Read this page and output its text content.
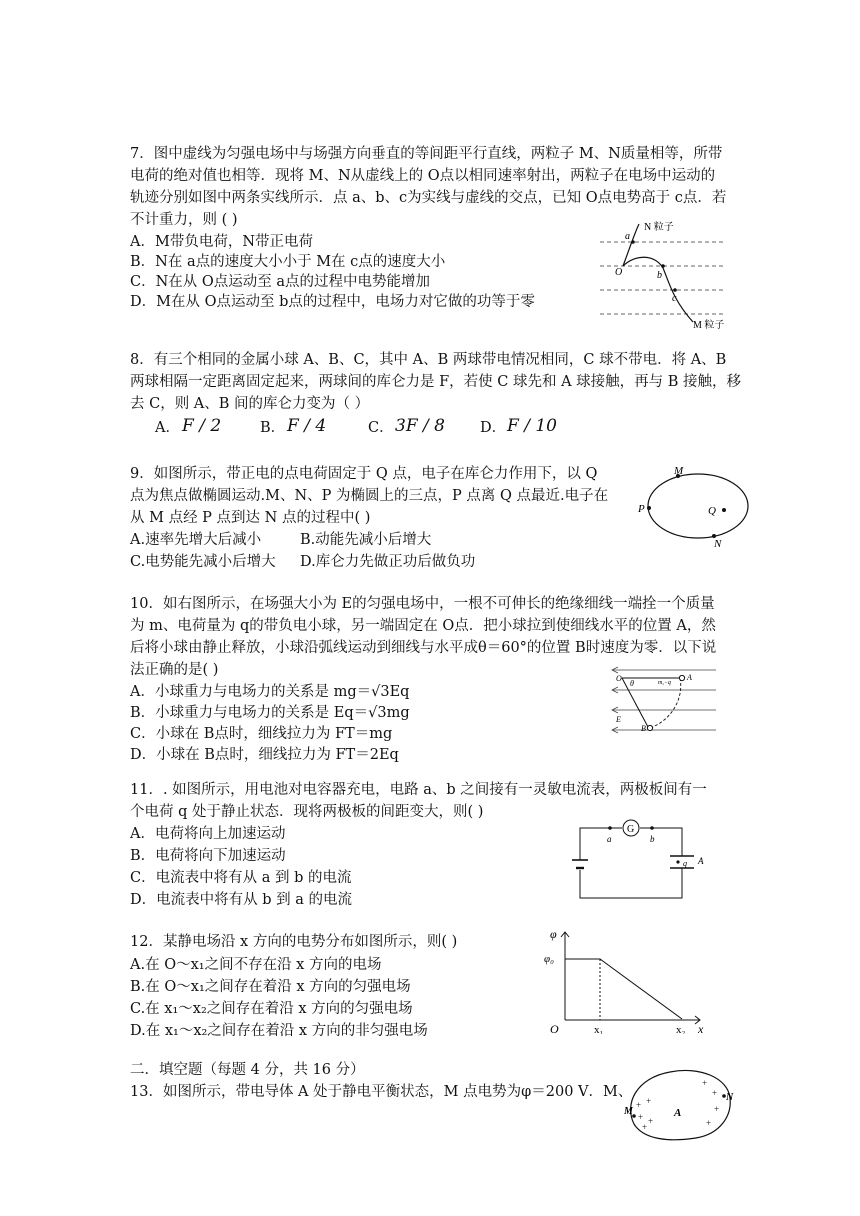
7．图中虚线为匀强电场中与场强方向垂直的等间距平行直线，两粒子 M、N质量相等，所带
电荷的绝对值也相等．现将 M、N从虚线上的 O点以相同速率射出，两粒子在电场中运动的
轨迹分别如图中两条实线所示．点 a、b、c为实线与虚线的交点，已知 O点电势高于 c点．若
不计重力，则 ( )
A．M带负电荷，N带正电荷
B．N在 a点的速度大小小于 M在 c点的速度大小
C．N在从 O点运动至 a点的过程中电势能增加
D．M在从 O点运动至 b点的过程中，电场力对它做的功等于零
N 粒子
a
O	b
c
M 粒子
8．有三个相同的金属小球 A、B、C，其中 A、B 两球带电情况相同，C 球不带电．将 A、B
两球相隔一定距离固定起来，两球间的库仑力是 F，若使 C 球先和 A 球接触，再与 B 接触，移
去 C，则 A、B 间的库仑力变为（ ）
A． F / 2	B． F / 4	C． 3F / 8 D． F / 10
9．如图所示，带正电的点电荷固定于 Q 点，电子在库仑力作用下，以 Q
点为焦点做椭圆运动.M、N、P 为椭圆上的三点，P 点离 Q 点最近.电子在
从 M 点经 P 点到达 N 点的过程中( )
A.速率先增大后减小	B.动能先减小后增大
C.电势能先减小后增大 D.库仑力先做正功后做负功
M
P	Q
N
10．如右图所示，在场强大小为 E的匀强电场中，一根不可伸长的绝缘细线一端拴一个质量
为 m、电荷量为 q的带负电小球，另一端固定在 O点．把小球拉到使细线水平的位置 A，然
后将小球由静止释放，小球沿弧线运动到细线与水平成θ＝60°的位置 B时速度为零．以下说
法正确的是( )
A．小球重力与电场力的关系是 mg＝√3Eq
B．小球重力与电场力的关系是 Eq＝√3mg
C．小球在 B点时，细线拉力为 FT＝mg
D．小球在 B点时，细线拉力为 FT＝2Eq
O
θ	m,−q
A
E
B
11．. 如图所示，用电池对电容器充电，电路 a、b 之间接有一灵敏电流表，两极板间有一
个电荷 q 处于静止状态．现将两极板的间距变大，则( )
A．电荷将向上加速运动
B．电荷将向下加速运动
C．电流表中将有从 a 到 b 的电流
D．电流表中将有从 b 到 a 的电流
G
a	b
q A
12．某静电场沿 x 方向的电势分布如图所示，则( )
A.在 O～x₁之间不存在沿 x 方向的电场
B.在 O～x₁之间存在着沿 x 方向的匀强电场
C.在 x₁～x₂之间存在着沿 x 方向的匀强电场
D.在 x₁～x₂之间存在着沿 x 方向的非匀强电场
φ
φ₀
O	x₁	x₂ x
二．填空题（每题 4 分，共 16 分）
13．如图所示，带电导体 A 处于静电平衡状态，M 点电势为φ＝200 V．M、
+
+
+
+
+ +
+ +
+
M	A
N
